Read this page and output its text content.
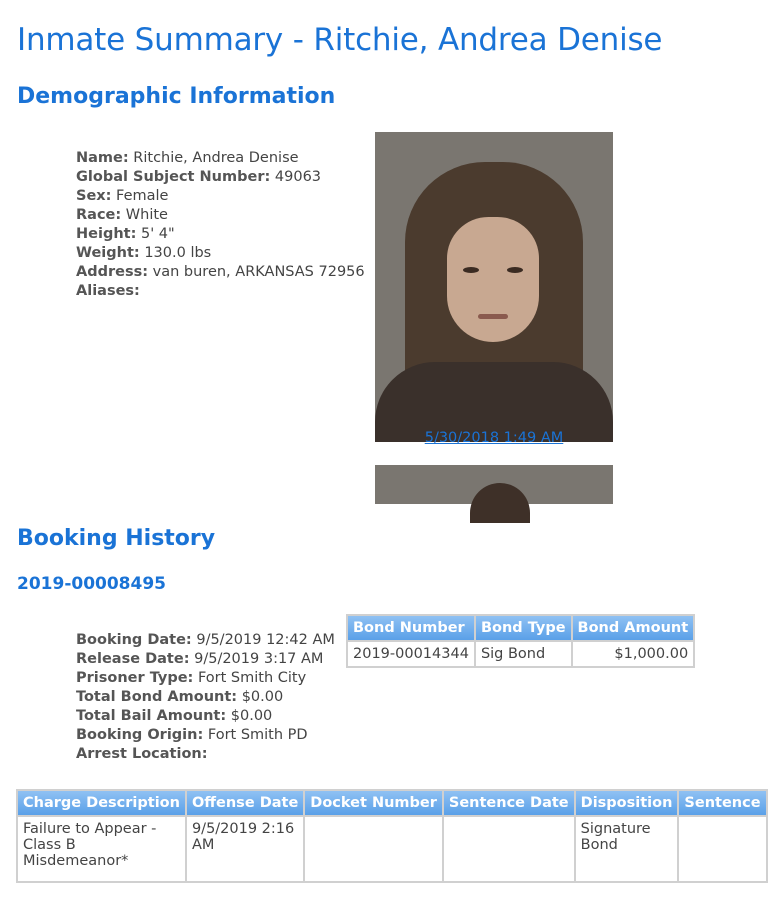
Inmate Summary - Ritchie, Andrea Denise
Demographic Information
Name: Ritchie, Andrea Denise
Global Subject Number: 49063
Sex: Female
Race: White
Height: 5' 4"
Weight: 130.0 lbs
Address: van buren, ARKANSAS 72956
Aliases:
5/30/2018 1:49 AM
Booking History
2019-00008495
Booking Date: 9/5/2019 12:42 AM
Release Date: 9/5/2019 3:17 AM
Prisoner Type: Fort Smith City
Total Bond Amount: $0.00
Total Bail Amount: $0.00
Booking Origin: Fort Smith PD
Arrest Location:
Bond Number	Bond Type	Bond Amount
2019-00014344	Sig Bond	$1,000.00
Charge Description	Offense Date	Docket Number	Sentence Date	Disposition	Sentence
Failure to Appear - Class B Misdemeanor*	9/5/2019 2:16 AM			Signature Bond	
